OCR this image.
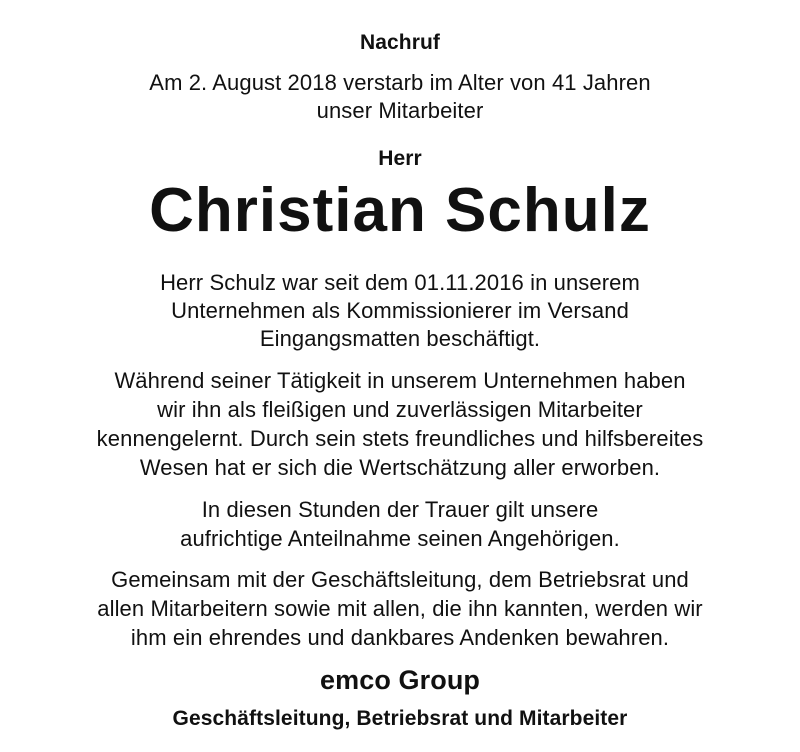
Nachruf
Am 2. August 2018 verstarb im Alter von 41 Jahren
unser Mitarbeiter
Herr
Christian Schulz
Herr Schulz war seit dem 01.11.2016 in unserem
Unternehmen als Kommissionierer im Versand
Eingangsmatten beschäftigt.
Während seiner Tätigkeit in unserem Unternehmen haben
wir ihn als fleißigen und zuverlässigen Mitarbeiter
kennengelernt. Durch sein stets freundliches und hilfsbereites
Wesen hat er sich die Wertschätzung aller erworben.
In diesen Stunden der Trauer gilt unsere
aufrichtige Anteilnahme seinen Angehörigen.
Gemeinsam mit der Geschäftsleitung, dem Betriebsrat und
allen Mitarbeitern sowie mit allen, die ihn kannten, werden wir
ihm ein ehrendes und dankbares Andenken bewahren.
emco Group
Geschäftsleitung, Betriebsrat und Mitarbeiter
